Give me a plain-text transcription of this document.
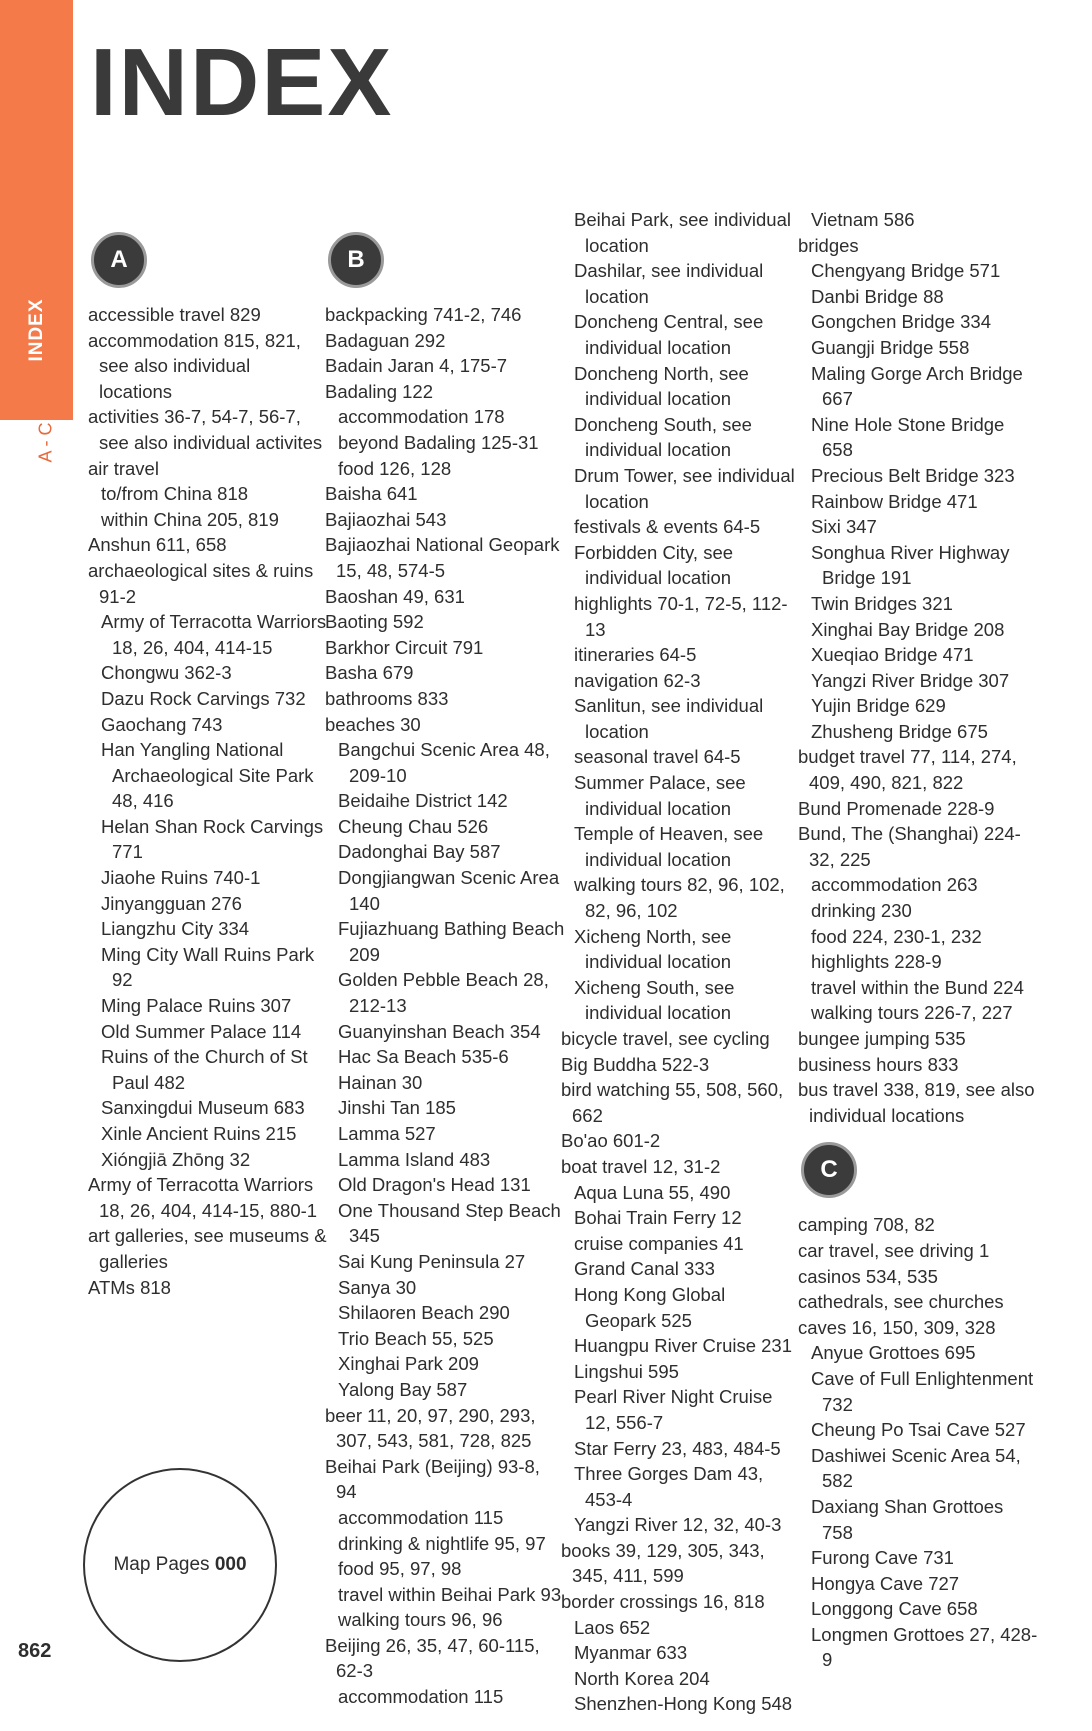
INDEX
A - C
INDEX
A
accessible travel 829
accommodation 815, 821, see also individual locations
activities 36-7, 54-7, 56-7, see also individual activites
air travel
to/from China 818
within China 205, 819
Anshun 611, 658
archaeological sites & ruins 91-2
Army of Terracotta Warriors 18, 26, 404, 414-15
Chongwu 362-3
Dazu Rock Carvings 732
Gaochang 743
Han Yangling National Archaeological Site Park 48, 416
Helan Shan Rock Carvings 771
Jiaohe Ruins 740-1
Jinyangguan 276
Liangzhu City 334
Ming City Wall Ruins Park 92
Ming Palace Ruins 307
Old Summer Palace 114
Ruins of the Church of St Paul 482
Sanxingdui Museum 683
Xinle Ancient Ruins 215
Xióngjiā Zhōng 32
Army of Terracotta Warriors 18, 26, 404, 414-15, 880-1
art galleries, see museums & galleries
ATMs 818
B
backpacking 741-2, 746
Badaguan 292
Badain Jaran 4, 175-7
Badaling 122
accommodation 178
beyond Badaling 125-31
food 126, 128
Baisha 641
Bajiaozhai 543
Bajiaozhai National Geopark 15, 48, 574-5
Baoshan 49, 631
Baoting 592
Barkhor Circuit 791
Basha 679
bathrooms 833
beaches 30
Bangchui Scenic Area 48, 209-10
Beidaihe District 142
Cheung Chau 526
Dadonghai Bay 587
Dongjiangwan Scenic Area 140
Fujiazhuang Bathing Beach 209
Golden Pebble Beach 28, 212-13
Guanyinshan Beach 354
Hac Sa Beach 535-6
Hainan 30
Jinshi Tan 185
Lamma 527
Lamma Island 483
Old Dragon's Head 131
One Thousand Step Beach 345
Sai Kung Peninsula 27
Sanya 30
Shilaoren Beach 290
Trio Beach 55, 525
Xinghai Park 209
Yalong Bay 587
beer 11, 20, 97, 290, 293, 307, 543, 581, 728, 825
Beihai Park (Beijing) 93-8, 94
accommodation 115
drinking & nightlife 95, 97
food 95, 97, 98
travel within Beihai Park 93
walking tours 96, 96
Beijing 26, 35, 47, 60-115, 62-3
accommodation 115
Beihai Park, see individual location
Dashilar, see individual location
Doncheng Central, see individual location
Doncheng North, see individual location
Doncheng South, see individual location
Drum Tower, see individual location
festivals & events 64-5
Forbidden City, see individual location
highlights 70-1, 72-5, 112-13
itineraries 64-5
navigation 62-3
Sanlitun, see individual location
seasonal travel 64-5
Summer Palace, see individual location
Temple of Heaven, see individual location
walking tours 82, 96, 102, 82, 96, 102
Xicheng North, see individual location
Xicheng South, see individual location
bicycle travel, see cycling
Big Buddha 522-3
bird watching 55, 508, 560, 662
Bo'ao 601-2
boat travel 12, 31-2
Aqua Luna 55, 490
Bohai Train Ferry 12
cruise companies 41
Grand Canal 333
Hong Kong Global Geopark 525
Huangpu River Cruise 231
Lingshui 595
Pearl River Night Cruise 12, 556-7
Star Ferry 23, 483, 484-5
Three Gorges Dam 43, 453-4
Yangzi River 12, 32, 40-3
books 39, 129, 305, 343, 345, 411, 599
border crossings 16, 818
Laos 652
Myanmar 633
North Korea 204
Shenzhen-Hong Kong 548
Vietnam 586
bridges
Chengyang Bridge 571
Danbi Bridge 88
Gongchen Bridge 334
Guangji Bridge 558
Maling Gorge Arch Bridge 667
Nine Hole Stone Bridge 658
Precious Belt Bridge 323
Rainbow Bridge 471
Sixi 347
Songhua River Highway Bridge 191
Twin Bridges 321
Xinghai Bay Bridge 208
Xueqiao Bridge 471
Yangzi River Bridge 307
Yujin Bridge 629
Zhusheng Bridge 675
budget travel 77, 114, 274, 409, 490, 821, 822
Bund Promenade 228-9
Bund, The (Shanghai) 224-32, 225
accommodation 263
drinking 230
food 224, 230-1, 232
highlights 228-9
travel within the Bund 224
walking tours 226-7, 227
bungee jumping 535
business hours 833
bus travel 338, 819, see also individual locations
C
camping 708, 82
car travel, see driving 1
casinos 534, 535
cathedrals, see churches
caves 16, 150, 309, 328
Anyue Grottoes 695
Cave of Full Enlightenment 732
Cheung Po Tsai Cave 527
Dashiwei Scenic Area 54, 582
Daxiang Shan Grottoes 758
Furong Cave 731
Hongya Cave 727
Longgong Cave 658
Longmen Grottoes 27, 428-9
Map Pages
000
862
